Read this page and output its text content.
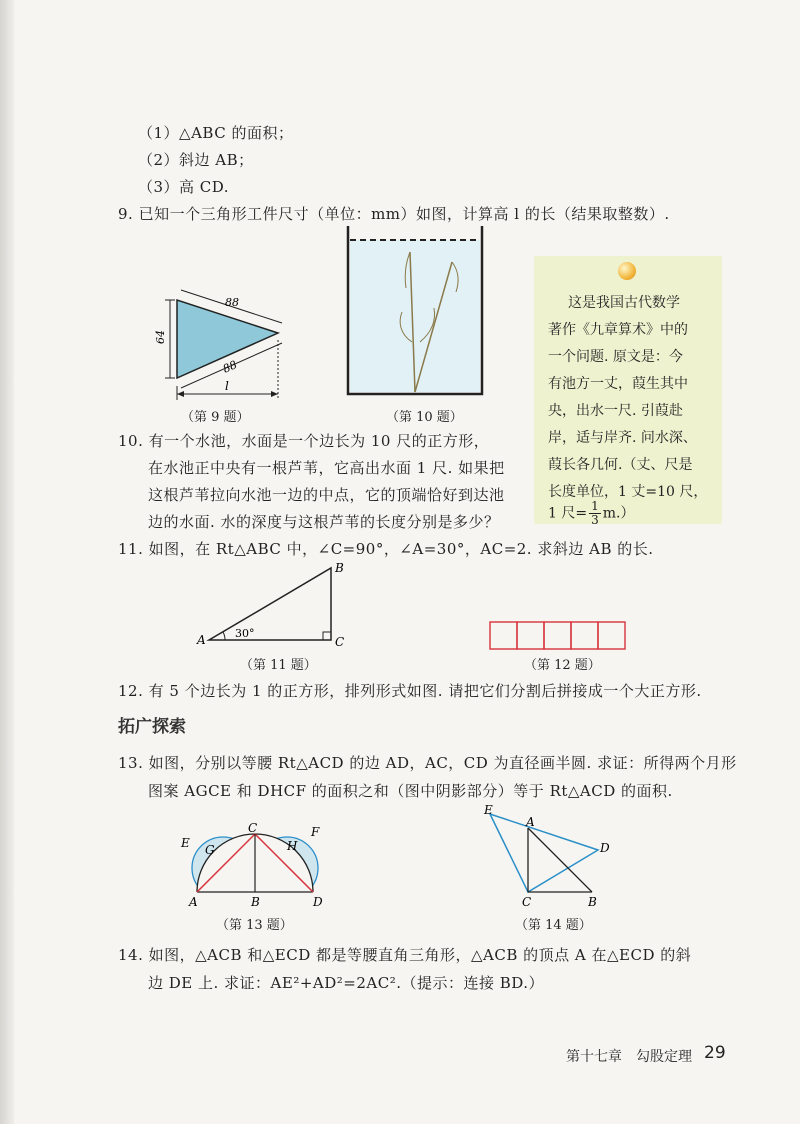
（1）△ABC 的面积；
（2）斜边 AB；
（3）高 CD.
9. 已知一个三角形工件尺寸（单位：mm）如图，计算高 l 的长（结果取整数）.
88
88
64
l
（第 9 题）	（第 10 题）
这是我国古代数学
著作《九章算术》中的
一个问题. 原文是：今
有池方一丈，葭生其中
央，出水一尺. 引葭赴
岸，适与岸齐. 问水深、
葭长各几何.（丈、尺是
长度单位，1 丈=10 尺，
1 尺= $\frac{1}{3} m$.）
10. 有一个水池，水面是一个边长为 10 尺的正方形，
在水池正中央有一根芦苇，它高出水面 1 尺. 如果把
这根芦苇拉向水池一边的中点，它的顶端恰好到达池
边的水面. 水的深度与这根芦苇的长度分别是多少？
11. 如图，在 Rt△ABC 中，∠C=90°，∠A=30°，AC=2. 求斜边 AB 的长.
A
B
C
30°
（第 11 题）	（第 12 题）
12. 有 5 个边长为 1 的正方形，排列形式如图. 请把它们分割后拼接成一个大正方形.
拓广探索
13. 如图，分别以等腰 Rt△ACD 的边 AD，AC，CD 为直径画半圆. 求证：所得两个月形
图案 AGCE 和 DHCF 的面积之和（图中阴影部分）等于 Rt△ACD 的面积.
A	B
C
D
E
F
G	H
（第 13 题）
E
A
D
C	B
（第 14 题）
14. 如图，△ACB 和△ECD 都是等腰直角三角形，△ACB 的顶点 A 在△ECD 的斜
边 DE 上. 求证：AE²+AD²=2AC².（提示：连接 BD.）
第十七章　勾股定理 29
